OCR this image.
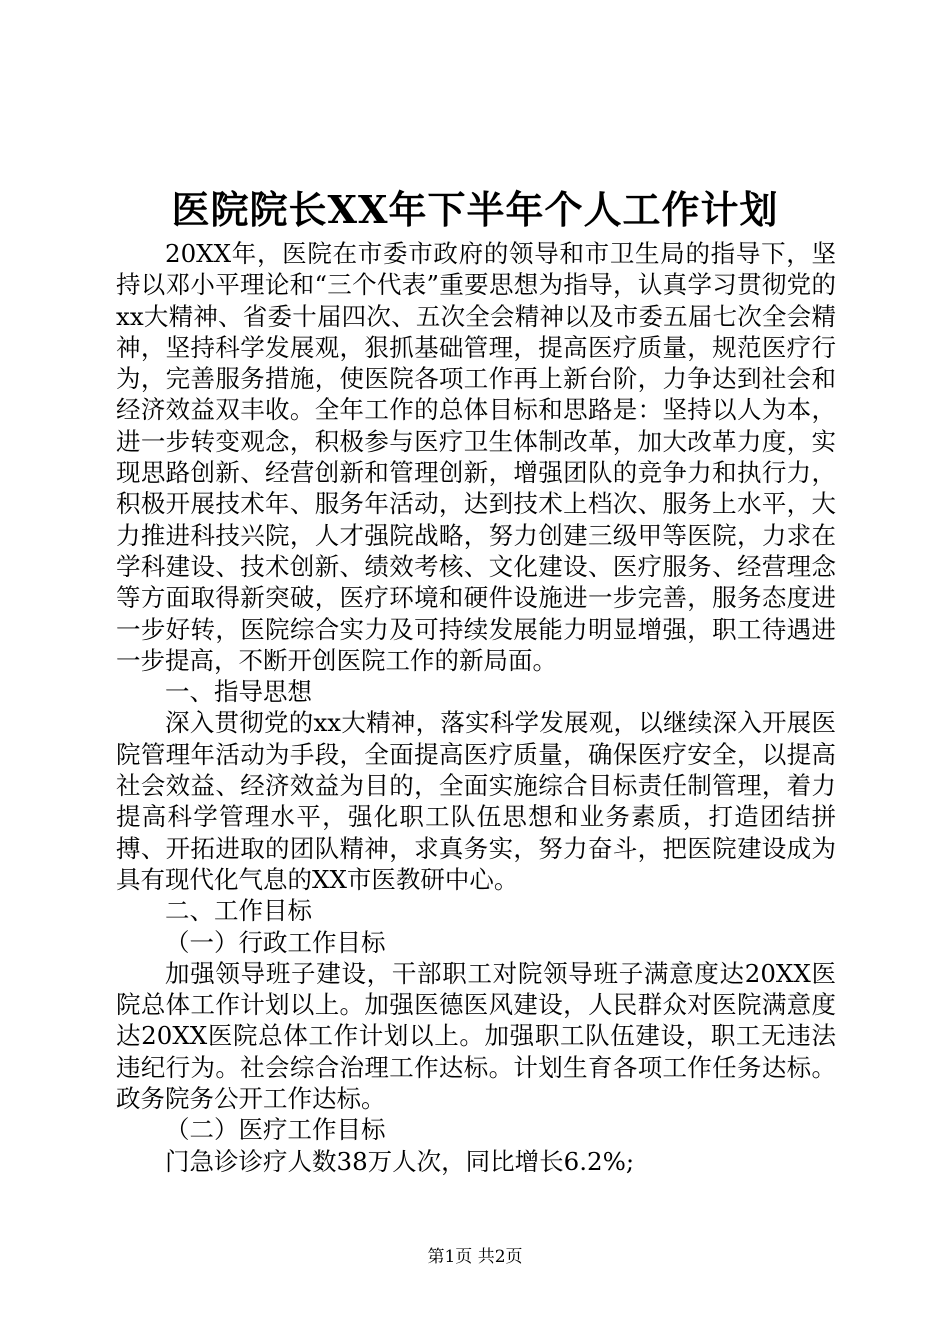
医院院长XX年下半年个人工作计划

20XX年，医院在市委市政府的领导和市卫生局的指导下，坚持以邓小平理论和“三个代表”重要思想为指导，认真学习贯彻党的xx大精神、省委十届四次、五次全会精神以及市委五届七次全会精神，坚持科学发展观，狠抓基础管理，提高医疗质量，规范医疗行为，完善服务措施，使医院各项工作再上新台阶，力争达到社会和经济效益双丰收。全年工作的总体目标和思路是：坚持以人为本，进一步转变观念，积极参与医疗卫生体制改革，加大改革力度，实现思路创新、经营创新和管理创新，增强团队的竞争力和执行力，积极开展技术年、服务年活动，达到技术上档次、服务上水平，大力推进科技兴院，人才强院战略，努力创建三级甲等医院，力求在学科建设、技术创新、绩效考核、文化建设、医疗服务、经营理念等方面取得新突破，医疗环境和硬件设施进一步完善，服务态度进一步好转，医院综合实力及可持续发展能力明显增强，职工待遇进一步提高，不断开创医院工作的新局面。

一、指导思想

深入贯彻党的xx大精神，落实科学发展观，以继续深入开展医院管理年活动为手段，全面提高医疗质量，确保医疗安全，以提高社会效益、经济效益为目的，全面实施综合目标责任制管理，着力提高科学管理水平，强化职工队伍思想和业务素质，打造团结拼搏、开拓进取的团队精神，求真务实，努力奋斗，把医院建设成为具有现代化气息的XX市医教研中心。

二、工作目标

（一）行政工作目标

加强领导班子建设，干部职工对院领导班子满意度达20XX医院总体工作计划以上。加强医德医风建设，人民群众对医院满意度达20XX医院总体工作计划以上。加强职工队伍建设，职工无违法违纪行为。社会综合治理工作达标。计划生育各项工作任务达标。政务院务公开工作达标。

（二）医疗工作目标

门急诊诊疗人数38万人次，同比增长6.2%;

第1页 共2页
